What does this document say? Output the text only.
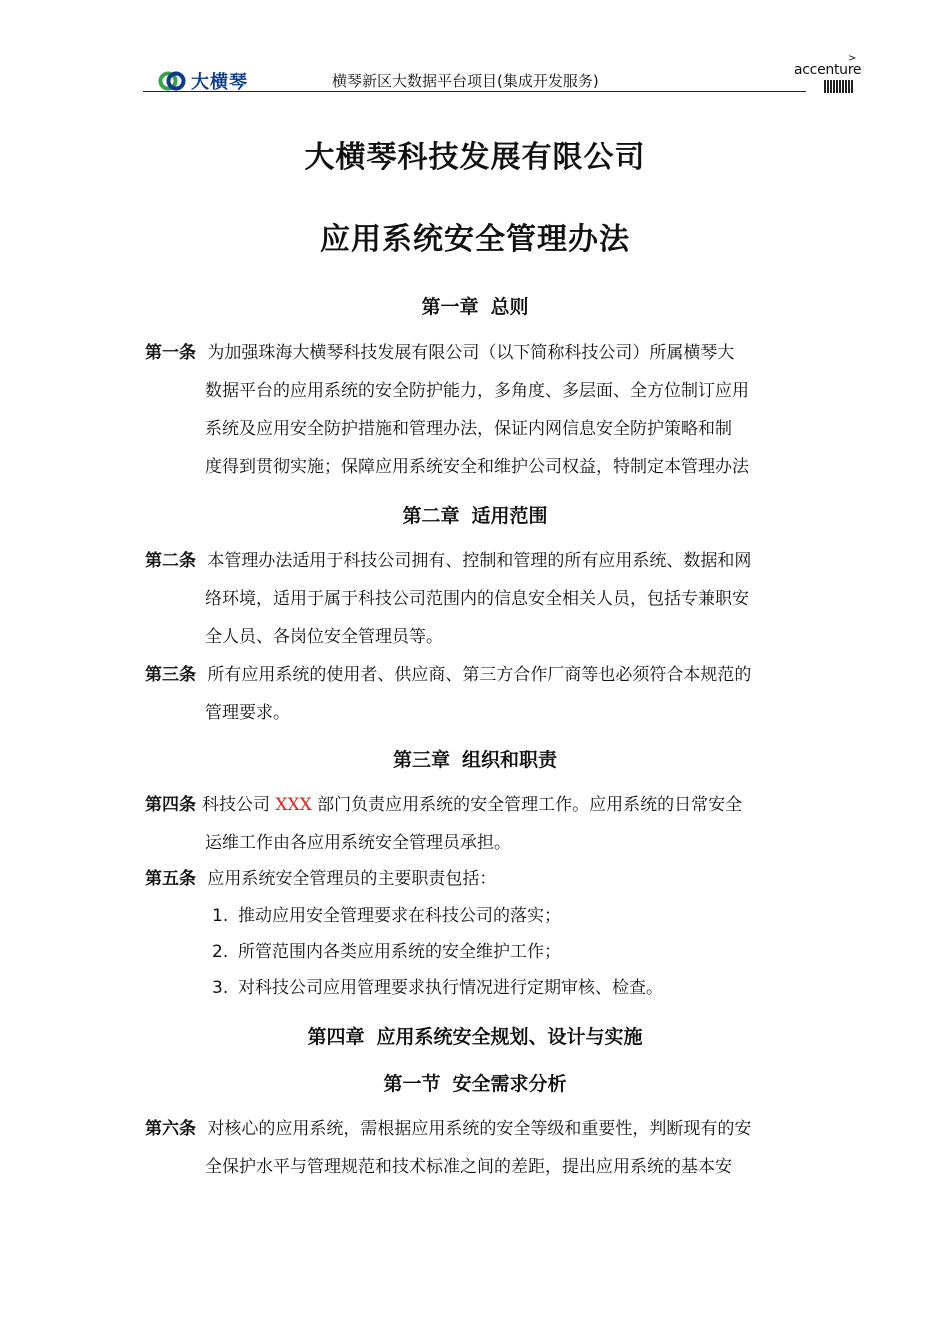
大横琴	横琴新区大数据平台项目(集成开发服务)
>
accenture
大横琴科技发展有限公司
应用系统安全管理办法
第一章 总则
第一条 为加强珠海大横琴科技发展有限公司（以下简称科技公司）所属横琴大
数据平台的应用系统的安全防护能力，多角度、多层面、全方位制订应用
系统及应用安全防护措施和管理办法，保证内网信息安全防护策略和制
度得到贯彻实施；保障应用系统安全和维护公司权益，特制定本管理办法
第二章 适用范围
第二条 本管理办法适用于科技公司拥有、控制和管理的所有应用系统、数据和网
络环境，适用于属于科技公司范围内的信息安全相关人员，包括专兼职安
全人员、各岗位安全管理员等。
第三条 所有应用系统的使用者、供应商、第三方合作厂商等也必须符合本规范的
管理要求。
第三章 组织和职责
第四条 科技公司 XXX 部门负责应用系统的安全管理工作。应用系统的日常安全
运维工作由各应用系统安全管理员承担。
第五条 应用系统安全管理员的主要职责包括：
1. 推动应用安全管理要求在科技公司的落实；
2. 所管范围内各类应用系统的安全维护工作；
3. 对科技公司应用管理要求执行情况进行定期审核、检查。
第四章 应用系统安全规划、设计与实施
第一节 安全需求分析
第六条 对核心的应用系统，需根据应用系统的安全等级和重要性，判断现有的安
全保护水平与管理规范和技术标准之间的差距，提出应用系统的基本安
